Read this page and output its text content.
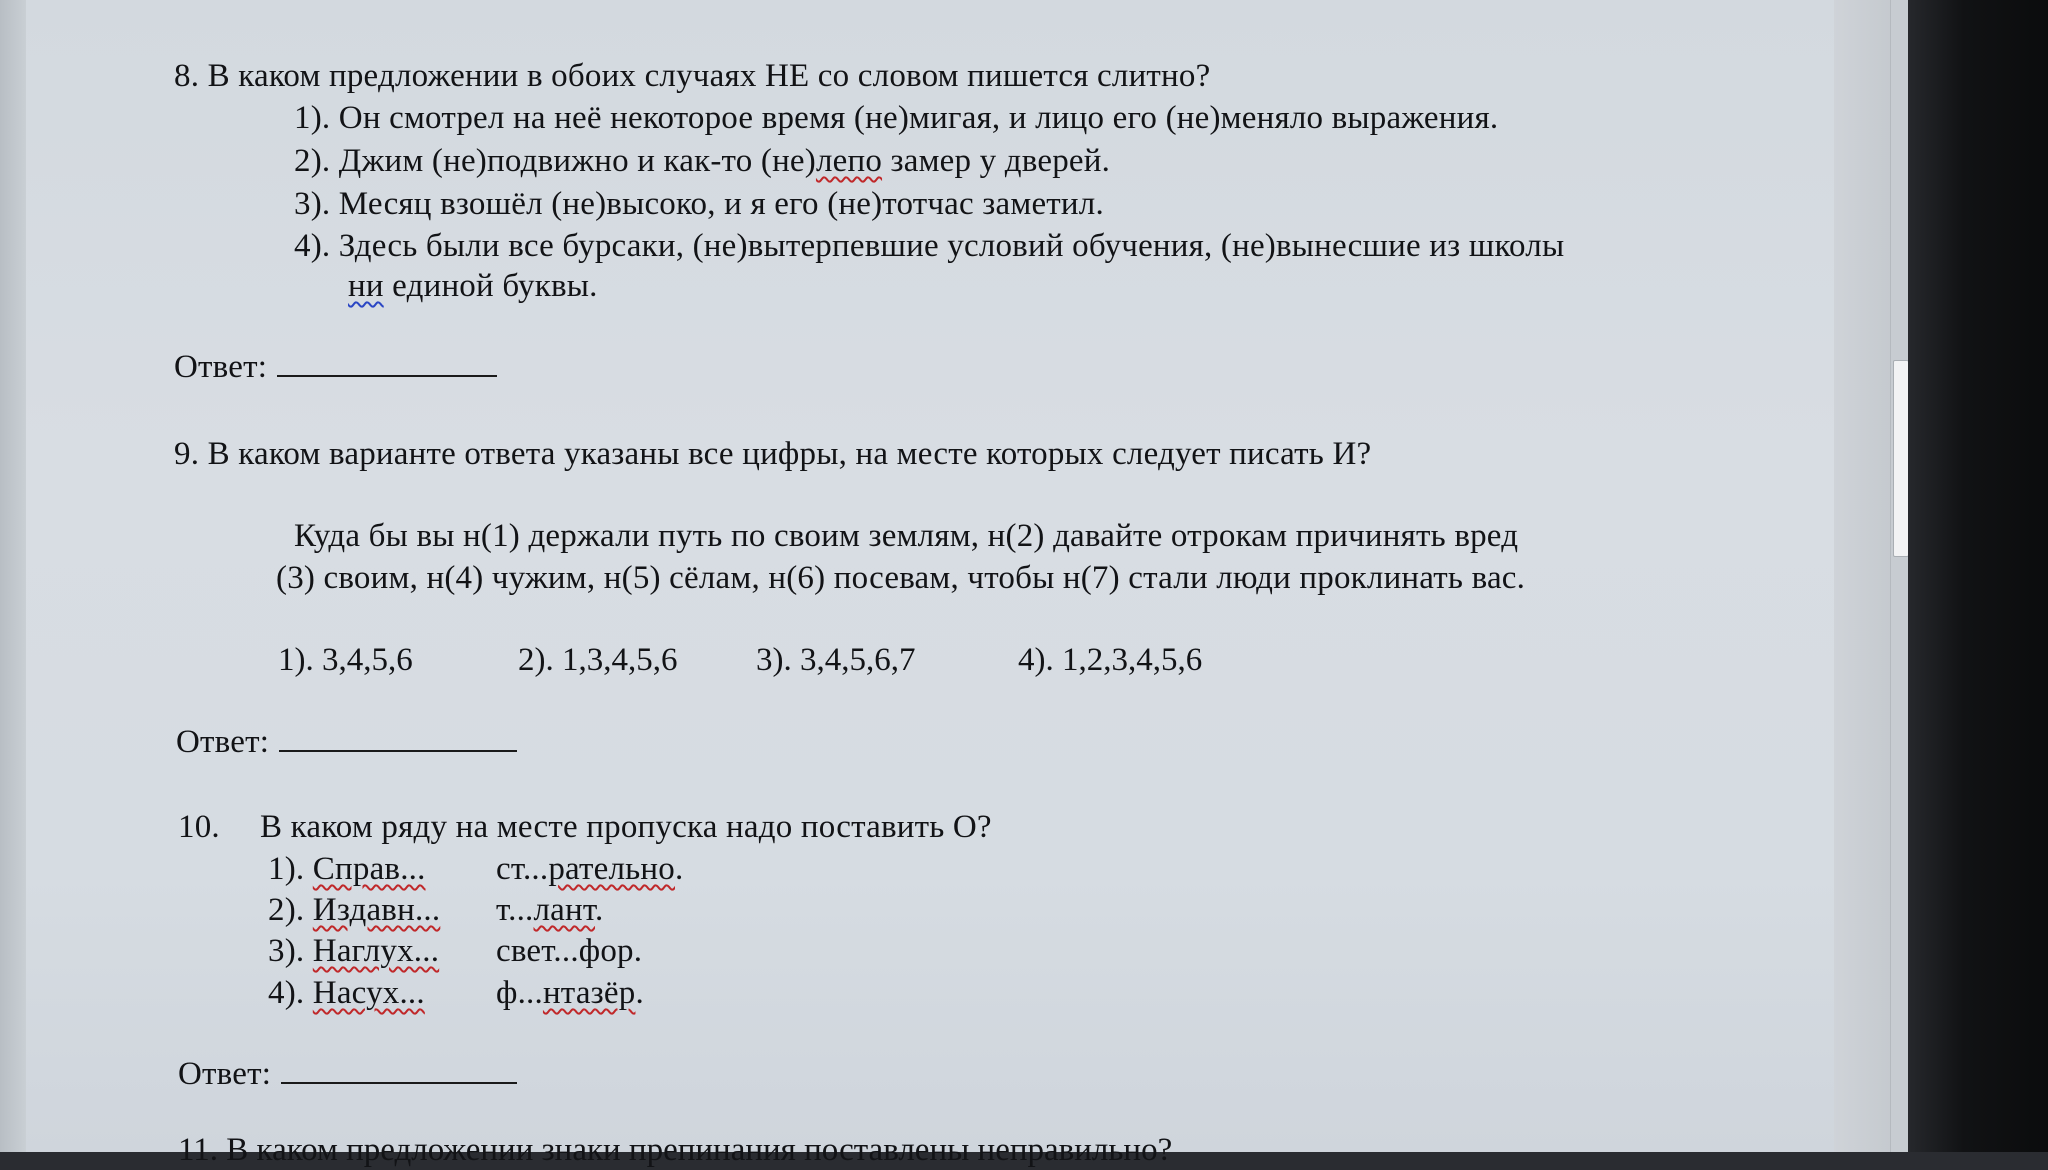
8. В каком предложении в обоих случаях НЕ со словом пишется слитно?
1). Он смотрел на неё некоторое время (не)мигая, и лицо его (не)меняло выражения.
2). Джим (не)подвижно и как-то (не)лепо замер у дверей.
3). Месяц взошёл (не)высоко, и я его (не)тотчас заметил.
4). Здесь были все бурсаки, (не)вытерпевшие условий обучения, (не)вынесшие из школы
ни единой буквы.
Ответ:
9. В каком варианте ответа указаны все цифры, на месте которых следует писать И?
Куда бы вы н(1) держали путь по своим землям, н(2) давайте отрокам причинять вред
(3) своим, н(4) чужим, н(5) сёлам, н(6) посевам, чтобы н(7) стали люди проклинать вас.
1). 3,4,5,6	2). 1,3,4,5,6 3). 3,4,5,6,7	4). 1,2,3,4,5,6
Ответ:
10. В каком ряду на месте пропуска надо поставить О?
1). Справ... ст...рательно.
2). Издавн... т...лант.
3). Наглух... свет...фор.
4). Насух... ф...нтазёр.
Ответ:
11. В каком предложении знаки препинания поставлены неправильно?
